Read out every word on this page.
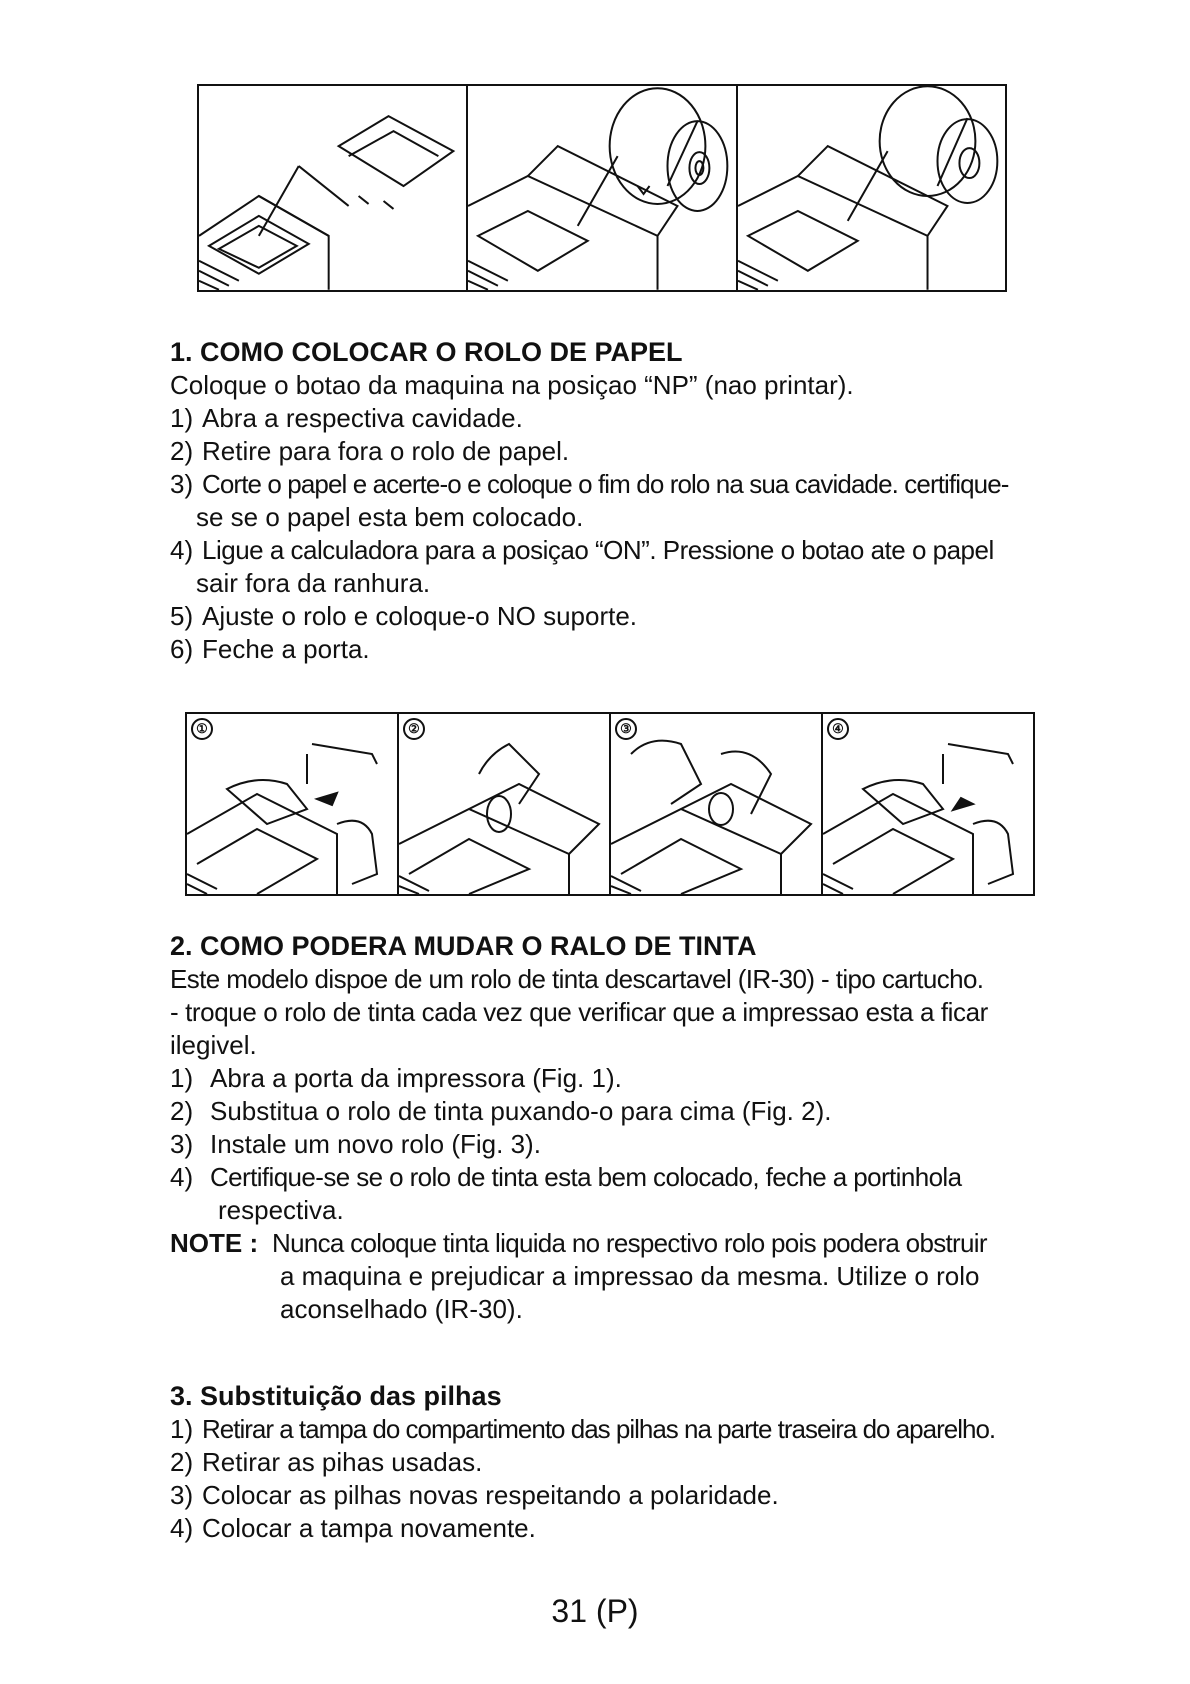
1. COMO COLOCAR O ROLO DE PAPEL

Coloque o botao da maquina na posiçao “NP” (nao printar).

1) Abra a respectiva cavidade.
2) Retire para fora o rolo de papel.
3) Corte o papel e acerte-o e coloque o fim do rolo na sua cavidade. certifique-

se se o papel esta bem colocado.

4) Ligue a calculadora para a posiçao “ON”. Pressione o botao ate o papel

sair fora da ranhura.

5) Ajuste o rolo e coloque-o NO suporte.
6) Feche a porta.
①	②	③	④

2. COMO PODERA MUDAR O RALO DE TINTA

Este modelo dispoe de um rolo de tinta descartavel (IR-30) - tipo cartucho.

- troque o rolo de tinta cada vez que verificar que a impressao esta a ficar

ilegivel.

1) Abra a porta da impressora (Fig. 1).
2) Substitua o rolo de tinta puxando-o para cima (Fig. 2).
3) Instale um novo rolo (Fig. 3).
4) Certifique-se se o rolo de tinta esta bem colocado, feche a portinhola

respectiva.

NOTE : Nunca coloque tinta liquida no respectivo rolo pois podera obstruir

a maquina e prejudicar a impressao da mesma. Utilize o rolo

aconselhado (IR-30).

3. Substituição das pilhas

1) Retirar a tampa do compartimento das pilhas na parte traseira do aparelho.
2) Retirar as pihas usadas.
3) Colocar as pilhas novas respeitando a polaridade.
4) Colocar a tampa novamente.
31 (P)
